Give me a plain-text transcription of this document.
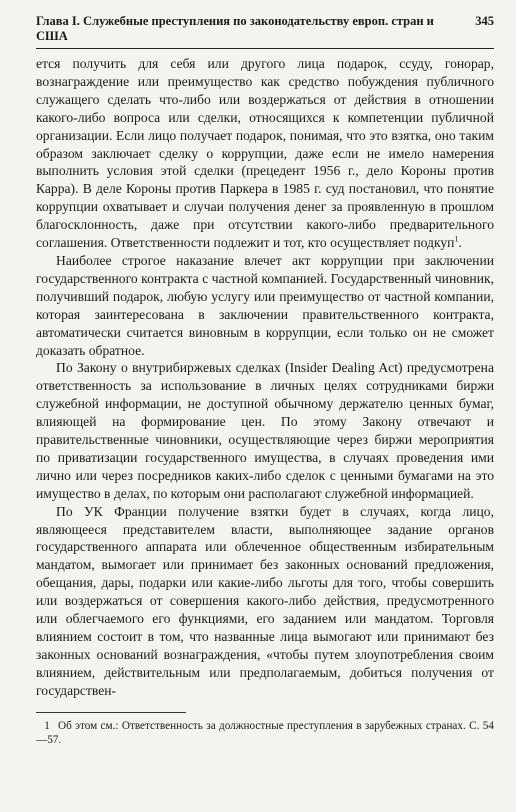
Глава I. Служебные преступления по законодательству европ. стран и США
345

ется получить для себя или другого лица подарок, ссуду, гонорар, вознаграждение или преимущество как средство побуждения публичного служащего сделать что-либо или воздержаться от действия в отношении какого-либо вопроса или сделки, относящихся к компетенции публичной организации. Если лицо получает подарок, понимая, что это взятка, оно таким образом заключает сделку о коррупции, даже если не имело намерения выполнить условия этой сделки (прецедент 1956 г., дело Короны против Карра). В деле Короны против Паркера в 1985 г. суд постановил, что понятие коррупции охватывает и случаи получения денег за проявленную в прошлом благосклонность, даже при отсутствии какого-либо предварительного соглашения. Ответственности подлежит и тот, кто осуществляет подкуп$^1$.

Наиболее строгое наказание влечет акт коррупции при заключении государственного контракта с частной компанией. Государственный чиновник, получивший подарок, любую услугу или преимущество от частной компании, которая заинтересована в заключении правительственного контракта, автоматически считается виновным в коррупции, если только он не сможет доказать обратное.

По Закону о внутрибиржевых сделках (Insider Dealing Act) предусмотрена ответственность за использование в личных целях сотрудниками биржи служебной информации, не доступной обычному держателю ценных бумаг, влияющей на формирование цен. По этому Закону отвечают и правительственные чиновники, осуществляющие через биржи мероприятия по приватизации государственного имущества, в случаях проведения ими лично или через посредников каких-либо сделок с ценными бумагами на это имущество в делах, по которым они располагают служебной информацией.

По УК Франции получение взятки будет в случаях, когда лицо, являющееся представителем власти, выполняющее задание органов государственного аппарата или облеченное общественным избирательным мандатом, вымогает или принимает без законных оснований предложения, обещания, дары, подарки или какие-либо льготы для того, чтобы совершить или воздержаться от совершения какого-либо действия, предусмотренного или облегчаемого его функциями, его заданием или мандатом. Торговля влиянием состоит в том, что названные лица вымогают или принимают без законных оснований вознаграждения, «чтобы путем злоупотребления своим влиянием, действительным или предполагаемым, добиться получения от государствен-

1 Об этом см.: Ответственность за должностные преступления в зарубежных странах. С. 54—57.
